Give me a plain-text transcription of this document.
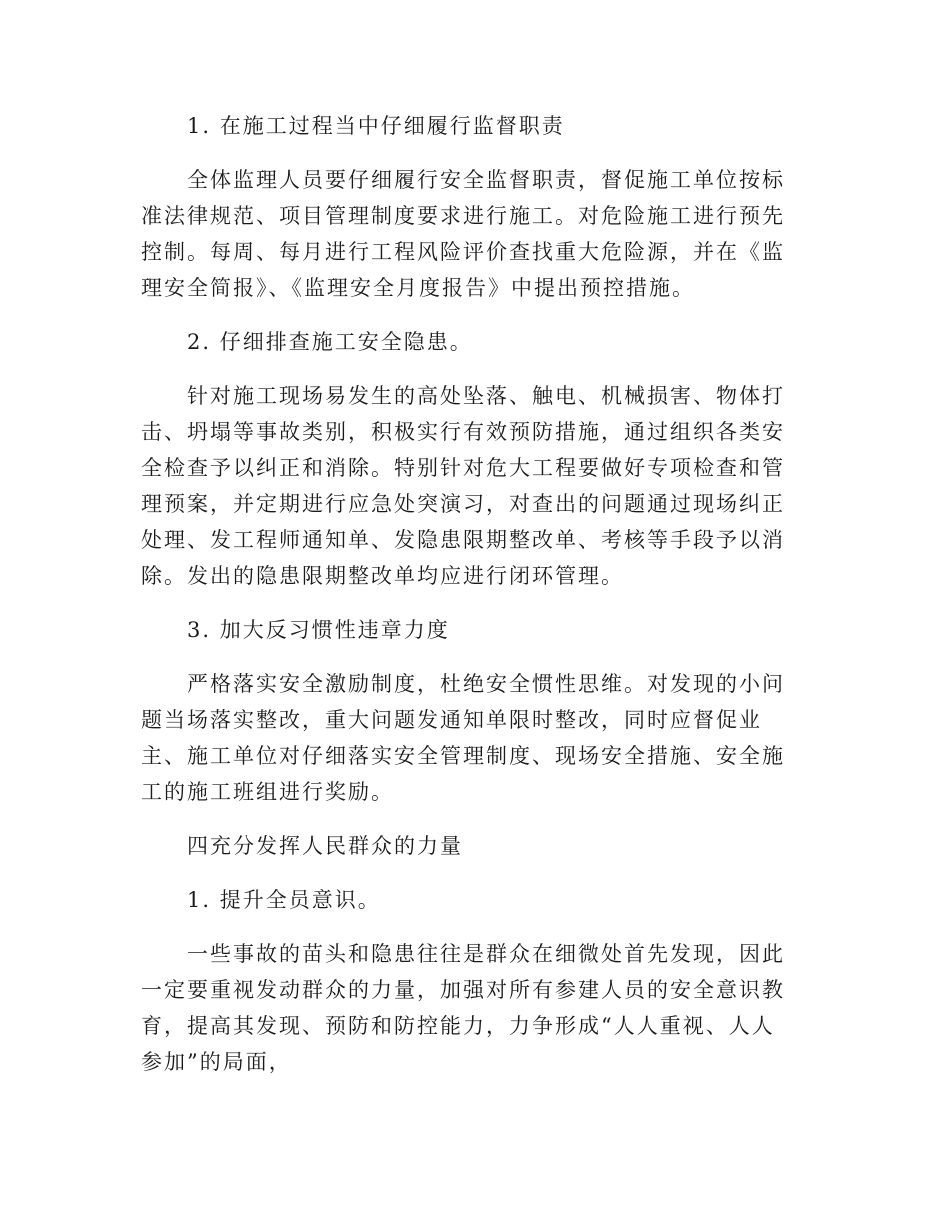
1. 在施工过程当中仔细履行监督职责

全体监理人员要仔细履行安全监督职责，督促施工单位按标准法律规范、项目管理制度要求进行施工。对危险施工进行预先控制。每周、每月进行工程风险评价查找重大危险源，并在《监理安全简报》、《监理安全月度报告》中提出预控措施。

2. 仔细排查施工安全隐患。

针对施工现场易发生的高处坠落、触电、机械损害、物体打击、坍塌等事故类别，积极实行有效预防措施，通过组织各类安全检查予以纠正和消除。特别针对危大工程要做好专项检查和管理预案，并定期进行应急处突演习，对查出的问题通过现场纠正处理、发工程师通知单、发隐患限期整改单、考核等手段予以消除。发出的隐患限期整改单均应进行闭环管理。

3. 加大反习惯性违章力度

严格落实安全激励制度，杜绝安全惯性思维。对发现的小问题当场落实整改，重大问题发通知单限时整改，同时应督促业主、施工单位对仔细落实安全管理制度、现场安全措施、安全施工的施工班组进行奖励。

四充分发挥人民群众的力量

1. 提升全员意识。

一些事故的苗头和隐患往往是群众在细微处首先发现，因此一定要重视发动群众的力量，加强对所有参建人员的安全意识教育，提高其发现、预防和防控能力，力争形成“人人重视、人人参加”的局面，
